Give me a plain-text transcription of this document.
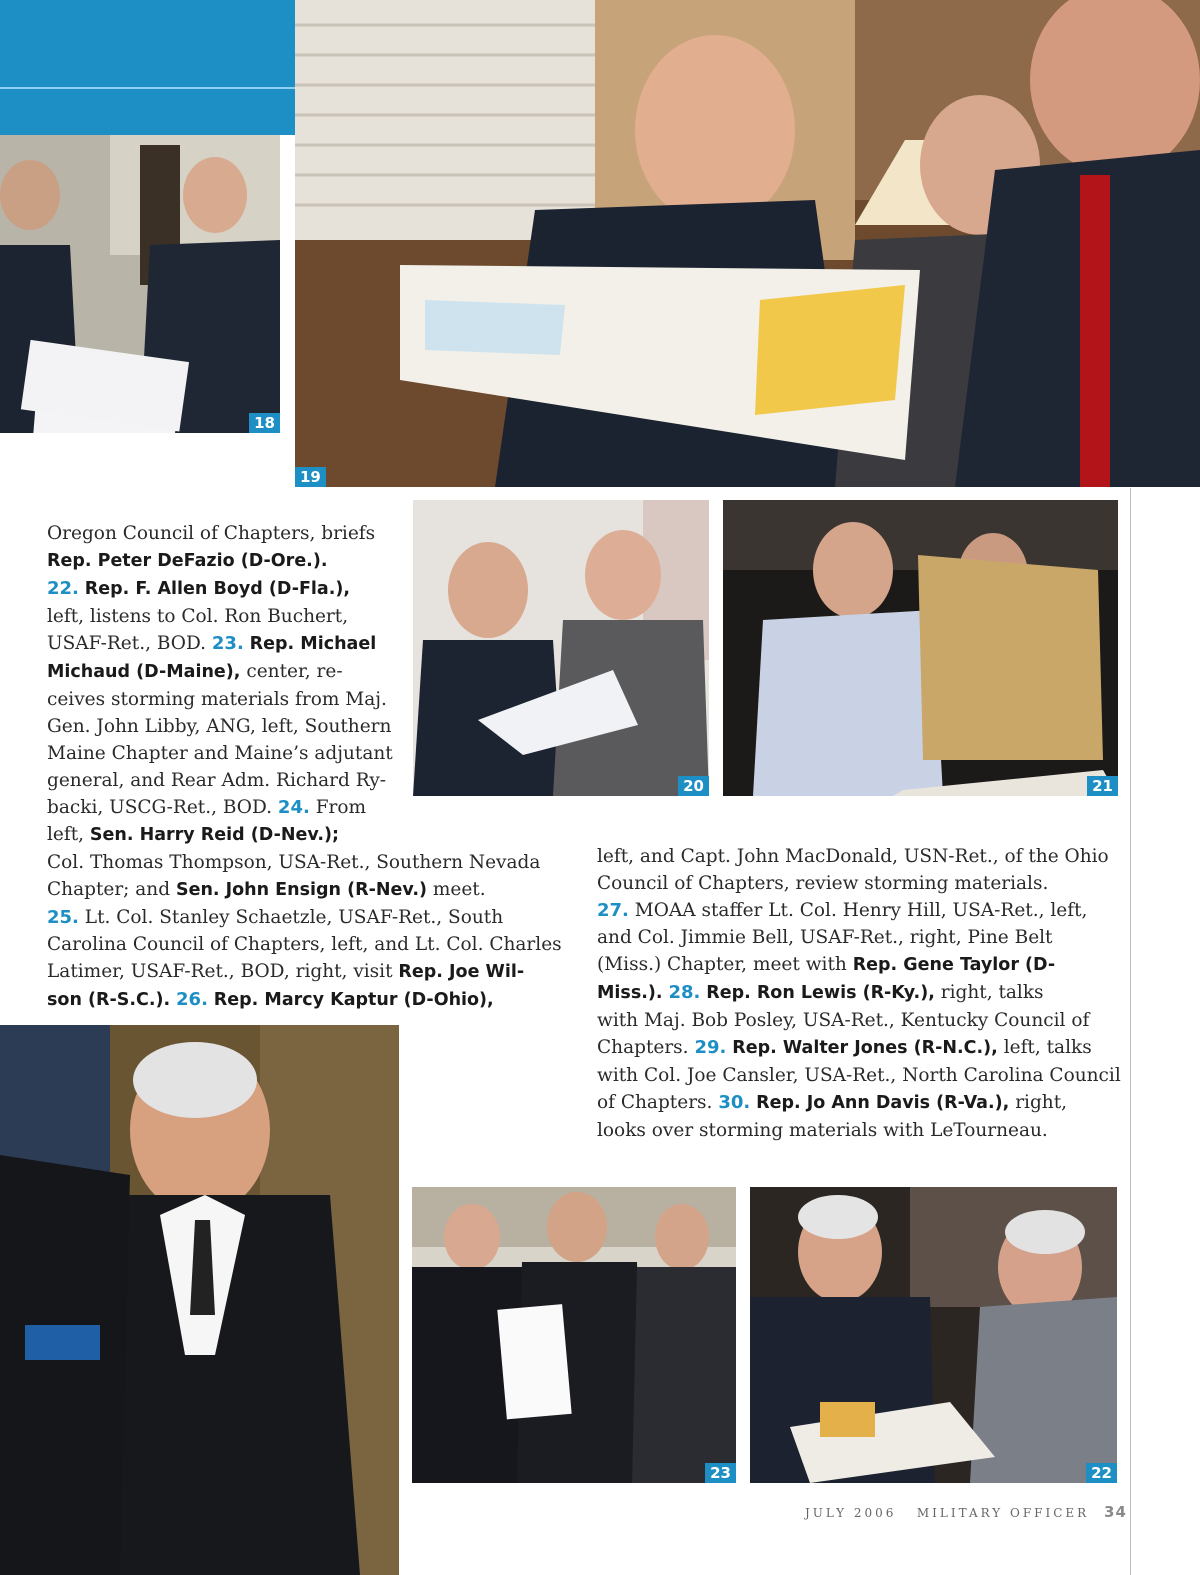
18
19
20	21
Oregon Council of Chapters, briefs
Rep. Peter DeFazio (D-Ore.).
22. Rep. F. Allen Boyd (D-Fla.),
left, listens to Col. Ron Buchert,
USAF-Ret., BOD. 23. Rep. Michael
Michaud (D-Maine), center, re-
ceives storming materials from Maj.
Gen. John Libby, ANG, left, Southern
Maine Chapter and Maine’s adjutant
general, and Rear Adm. Richard Ry-
backi, USCG-Ret., BOD. 24. From
left, Sen. Harry Reid (D-Nev.);
Col. Thomas Thompson, USA-Ret., Southern Nevada
Chapter; and Sen. John Ensign (R-Nev.) meet.
25. Lt. Col. Stanley Schaetzle, USAF-Ret., South
Carolina Council of Chapters, left, and Lt. Col. Charles
Latimer, USAF-Ret., BOD, right, visit Rep. Joe Wil-
son (R-S.C.). 26. Rep. Marcy Kaptur (D-Ohio),
left, and Capt. John MacDonald, USN-Ret., of the Ohio
Council of Chapters, review storming materials.
27. MOAA staffer Lt. Col. Henry Hill, USA-Ret., left,
and Col. Jimmie Bell, USAF-Ret., right, Pine Belt
(Miss.) Chapter, meet with Rep. Gene Taylor (D-
Miss.). 28. Rep. Ron Lewis (R-Ky.), right, talks
with Maj. Bob Posley, USA-Ret., Kentucky Council of
Chapters. 29. Rep. Walter Jones (R-N.C.), left, talks
with Col. Joe Cansler, USA-Ret., North Carolina Council
of Chapters. 30. Rep. Jo Ann Davis (R-Va.), right,
looks over storming materials with LeTourneau.
23	22
JULY 2006 MILITARY OFFICER 34
